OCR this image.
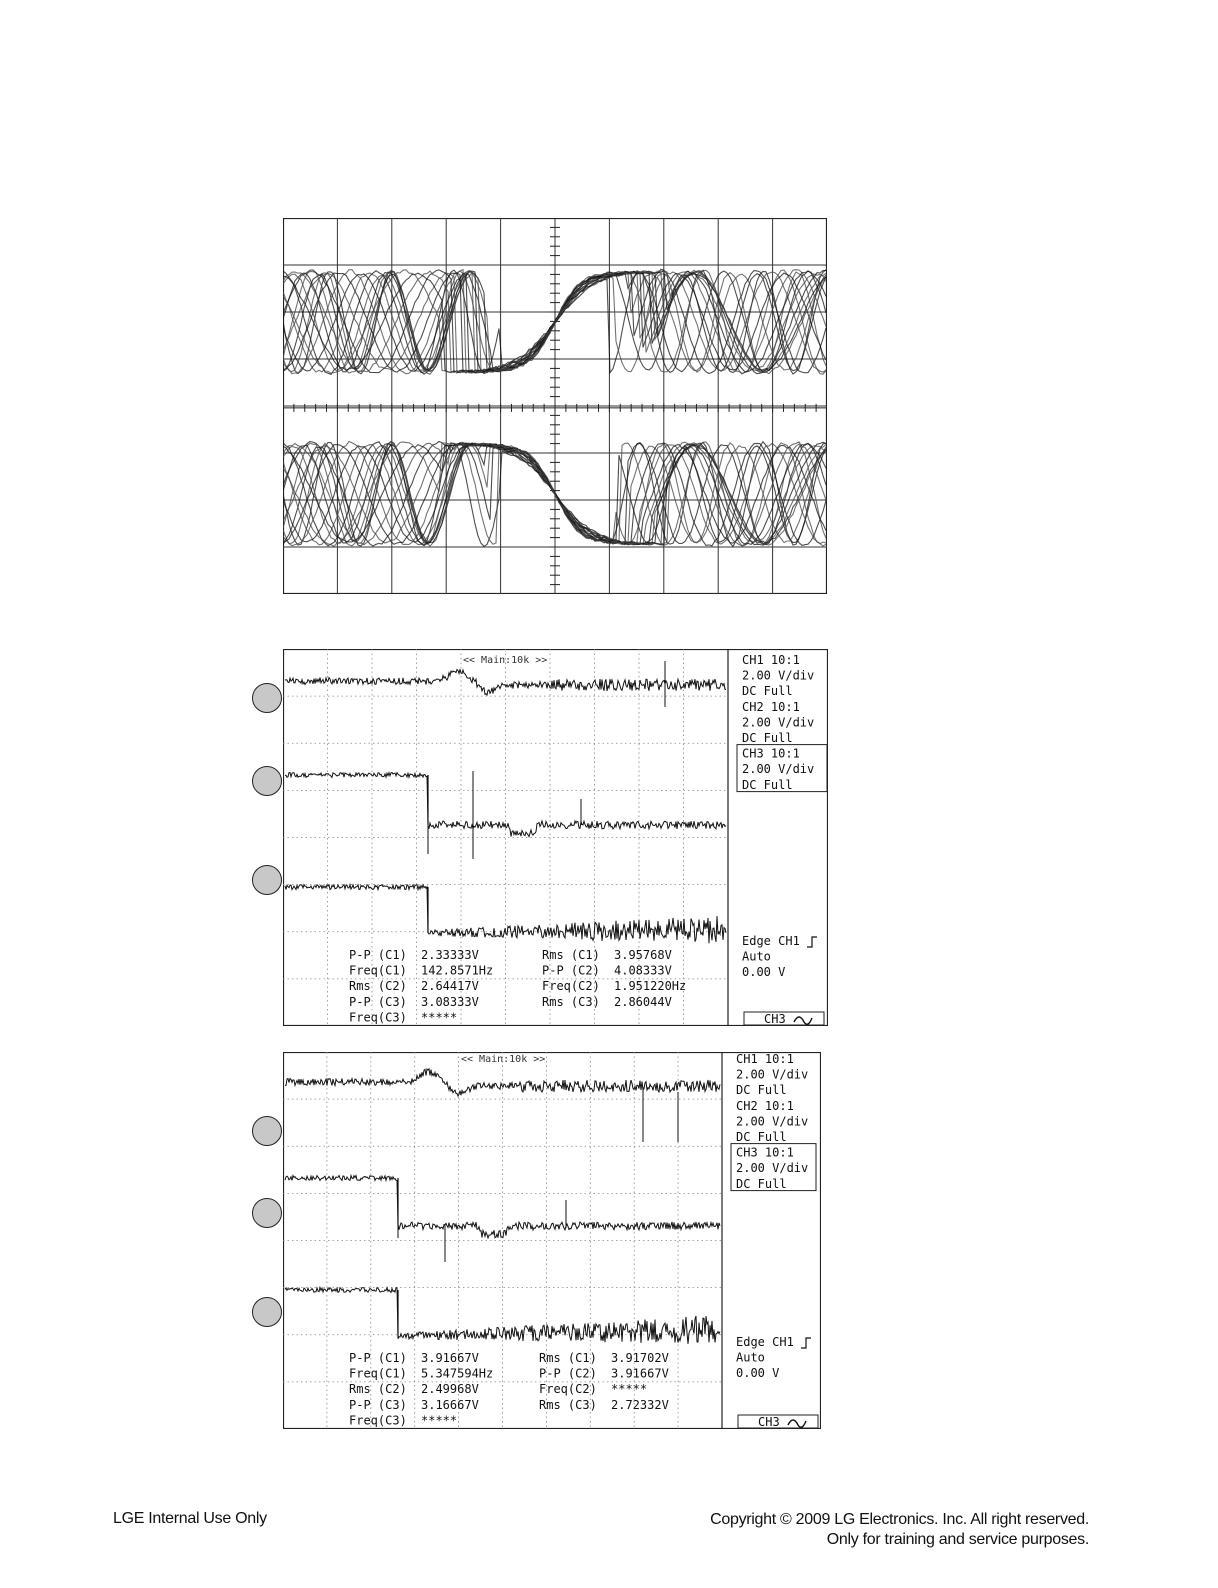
<< Main:10k >>	CH1 10:1
2.00 V/div
DC Full
CH2 10:1
2.00 V/div
DC Full
CH3 10:1
2.00 V/div
DC Full
Edge CH1
Auto
0.00 V
CH3
P-P (C1) 2.33333V	Rms (C1) 3.95768V
Freq(C1) 142.8571Hz	P-P (C2) 4.08333V
Rms (C2) 2.64417V	Freq(C2) 1.951220Hz
P-P (C3) 3.08333V	Rms (C3) 2.86044V
Freq(C3) *****
<< Main:10k >>	CH1 10:1
2.00 V/div
DC Full
CH2 10:1
2.00 V/div
DC Full
CH3 10:1
2.00 V/div
DC Full
Edge CH1
Auto
0.00 V
CH3
P-P (C1) 3.91667V	Rms (C1) 3.91702V
Freq(C1) 5.347594Hz	P-P (C2) 3.91667V
Rms (C2) 2.49968V	Freq(C2) *****
P-P (C3) 3.16667V	Rms (C3) 2.72332V
Freq(C3) *****
LGE Internal Use Only	Copyright © 2009 LG Electronics. Inc. All right reserved.
Only for training and service purposes.
